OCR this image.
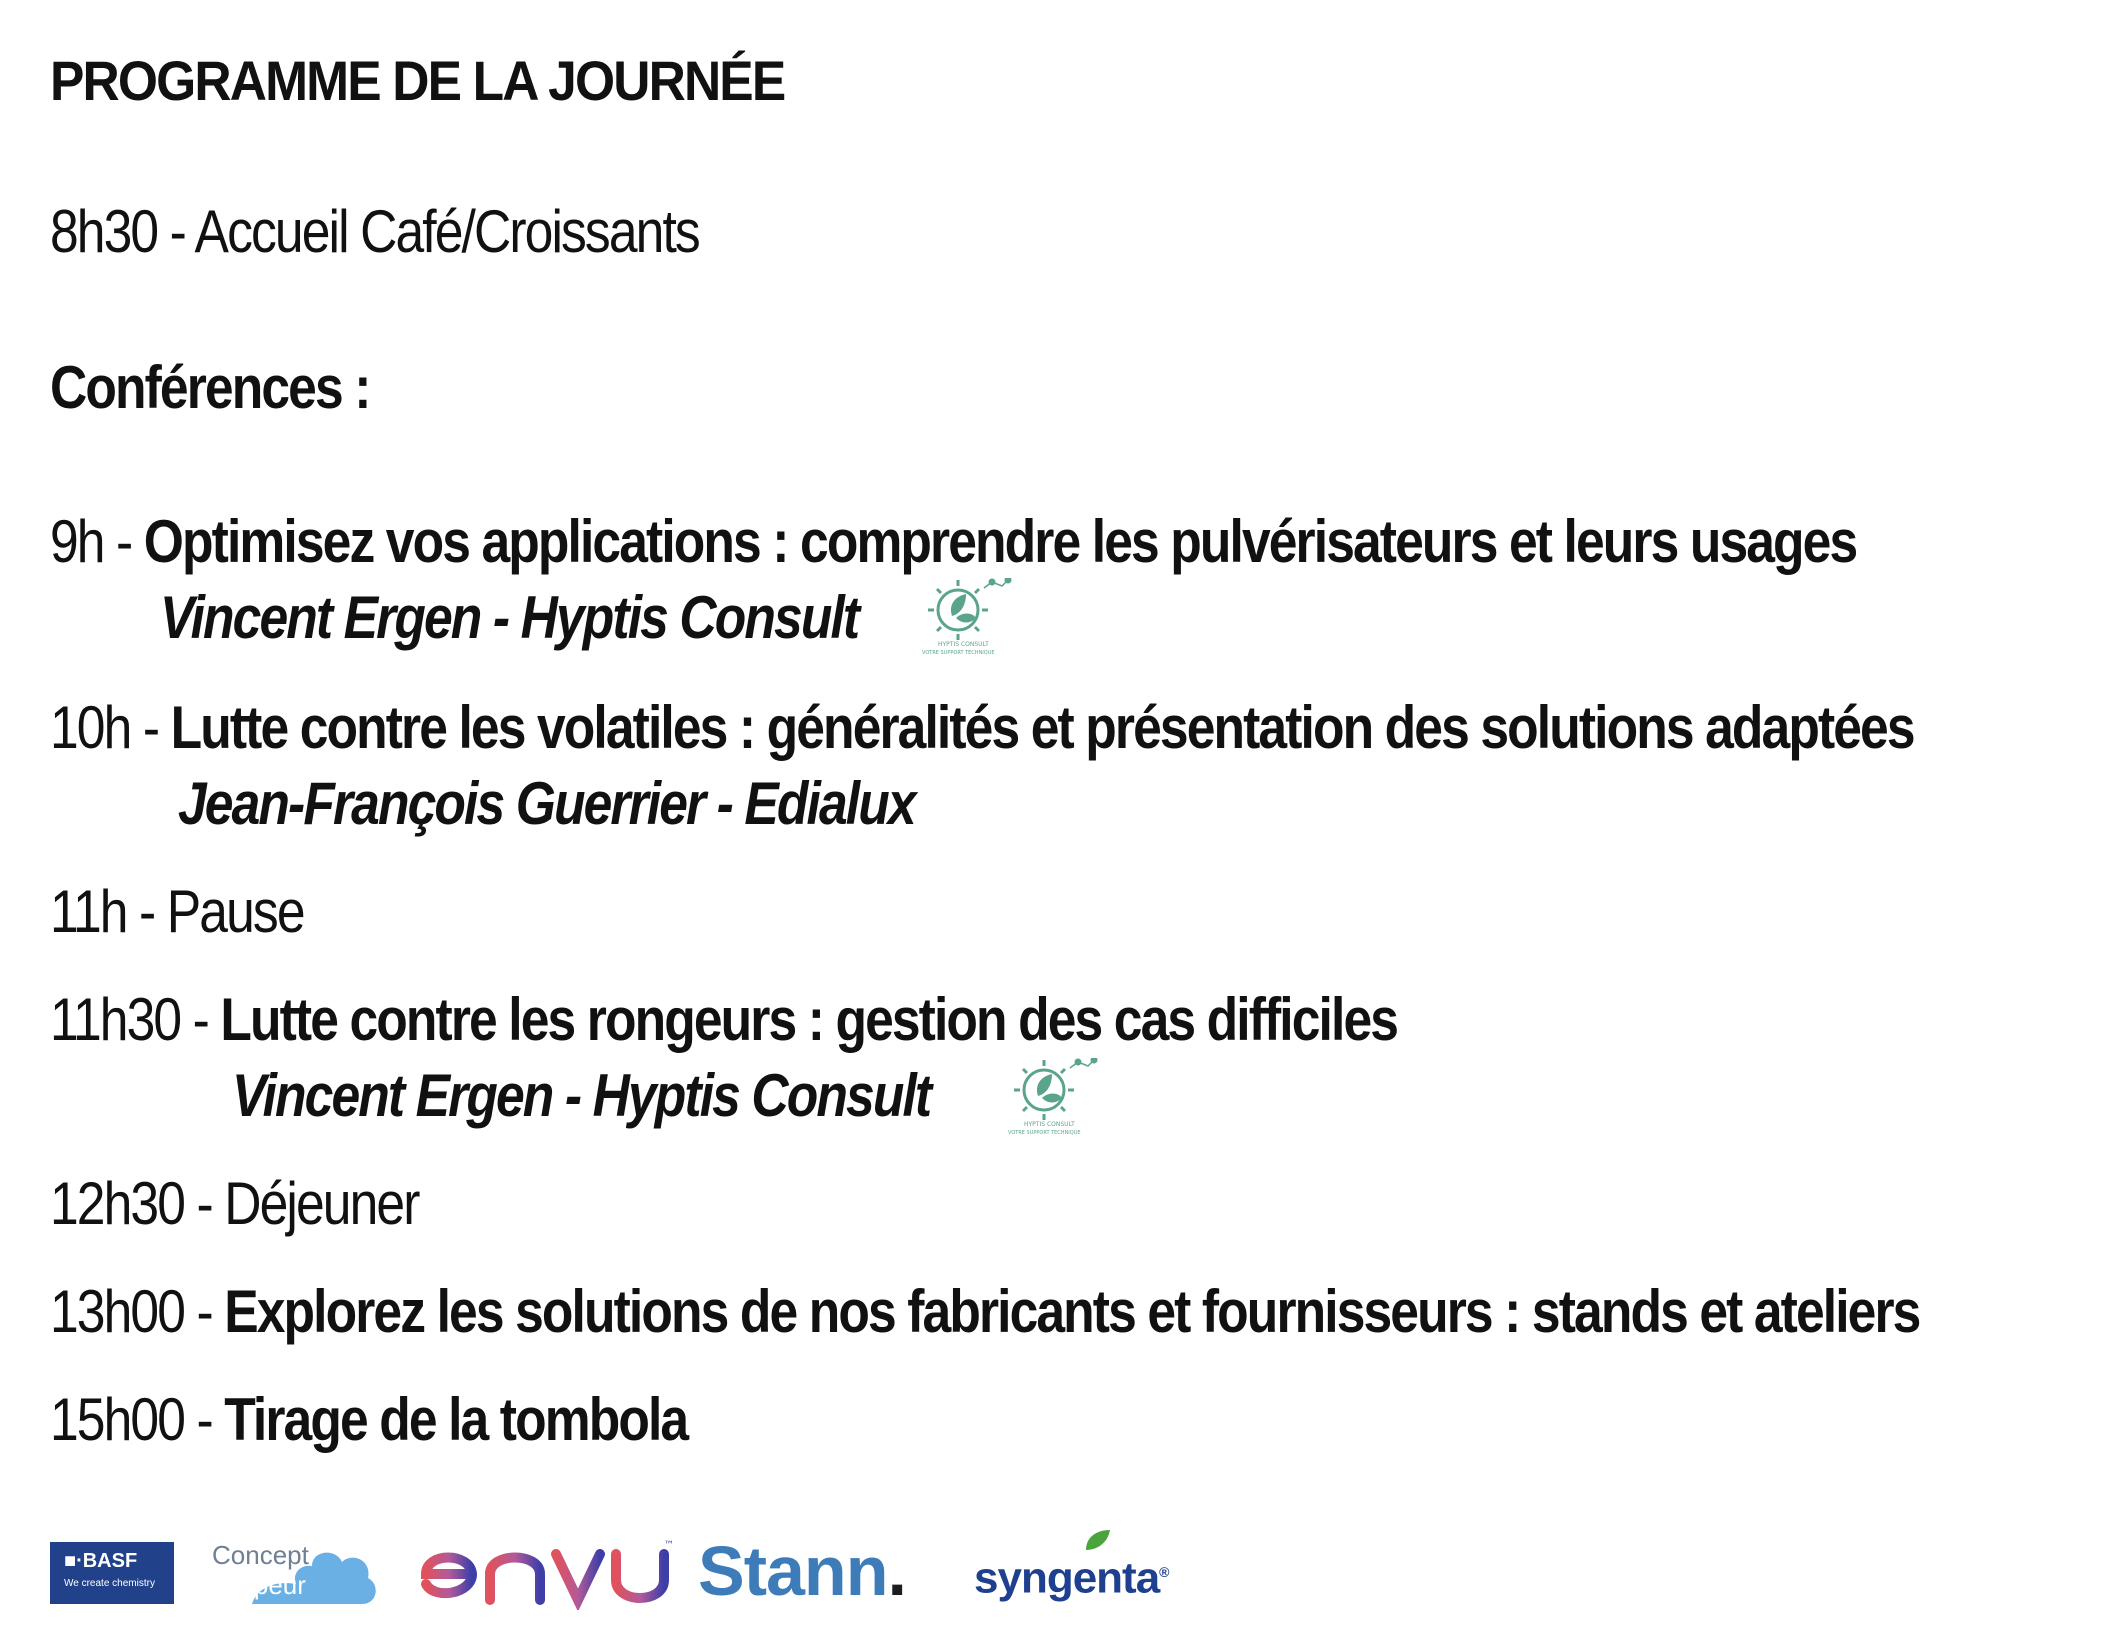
PROGRAMME DE LA JOURNÉE
8h30 - Accueil Café/Croissants
Conférences :
9h - Optimisez vos applications : comprendre les pulvérisateurs et leurs usages
Vincent Ergen - Hyptis Consult	HYPTIS CONSULT
VOTRE SUPPORT TECHNIQUE
10h - Lutte contre les volatiles : généralités et présentation des solutions adaptées
Jean-François Guerrier - Edialux
11h - Pause
11h30 - Lutte contre les rongeurs : gestion des cas difficiles
Vincent Ergen - Hyptis Consult	HYPTIS CONSULT
VOTRE SUPPORT TECHNIQUE
12h30 - Déjeuner
13h00 - Explorez les solutions de nos fabricants et fournisseurs : stands et ateliers
15h00 - Tirage de la tombola
■·BASF
We create chemistry
Concept
Vapeur
™ Stann. syngenta®
